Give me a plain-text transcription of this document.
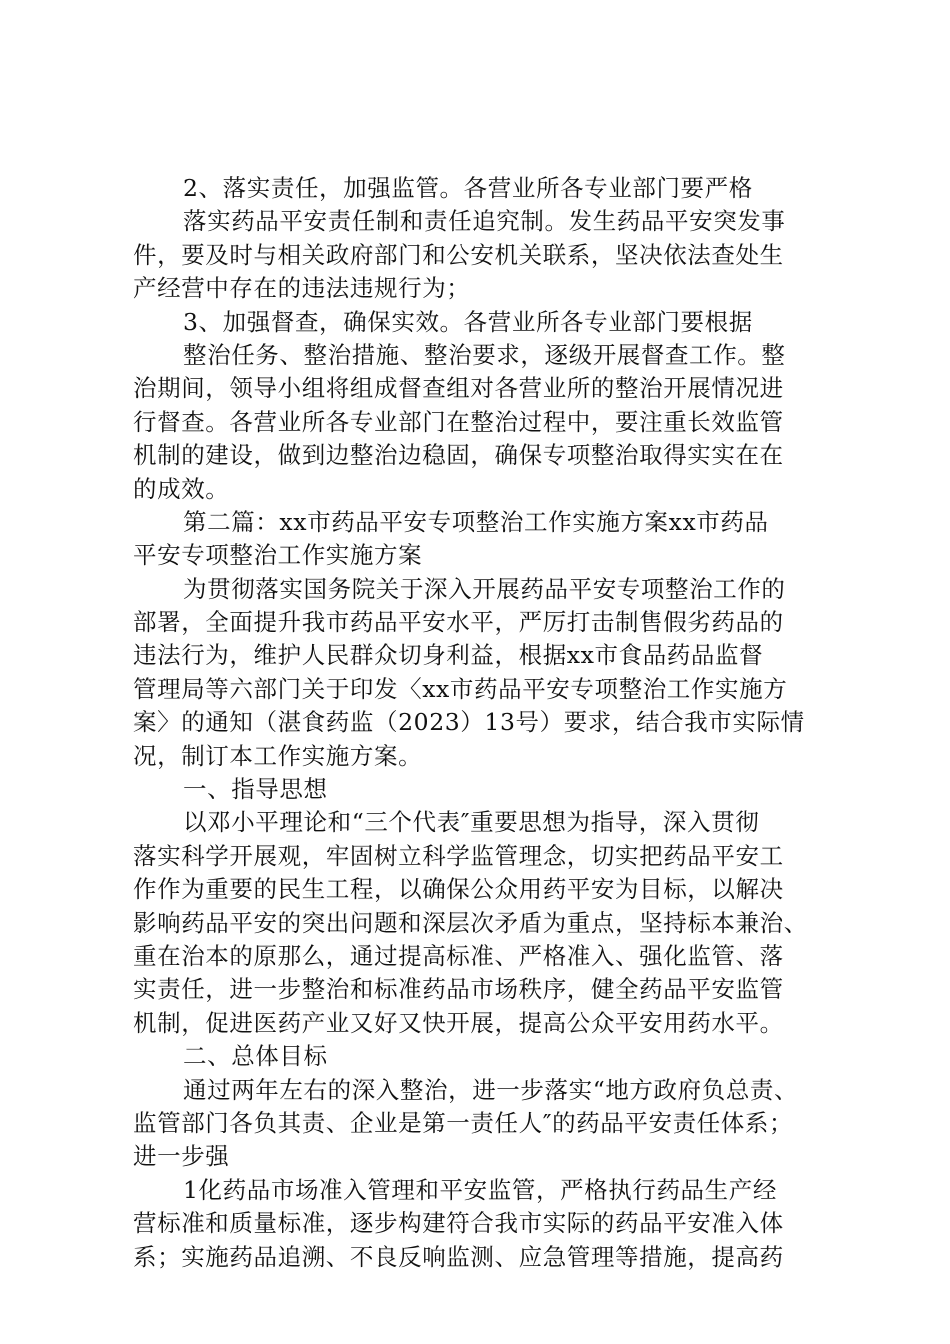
2、落实责任，加强监管。各营业所各专业部门要严格
落实药品平安责任制和责任追究制。发生药品平安突发事
件，要及时与相关政府部门和公安机关联系，坚决依法查处生
产经营中存在的违法违规行为；
3、加强督查，确保实效。各营业所各专业部门要根据
整治任务、整治措施、整治要求，逐级开展督查工作。整
治期间，领导小组将组成督查组对各营业所的整治开展情况进
行督查。各营业所各专业部门在整治过程中，要注重长效监管
机制的建设，做到边整治边稳固，确保专项整治取得实实在在
的成效。
第二篇：xx市药品平安专项整治工作实施方案xx市药品
平安专项整治工作实施方案
为贯彻落实国务院关于深入开展药品平安专项整治工作的
部署，全面提升我市药品平安水平，严厉打击制售假劣药品的
违法行为，维护人民群众切身利益，根据xx市食品药品监督
管理局等六部门关于印发〈xx市药品平安专项整治工作实施方
案〉的通知（湛食药监（2023）13号）要求，结合我市实际情
况，制订本工作实施方案。
一、指导思想
以邓小平理论和“三个代表″重要思想为指导，深入贯彻
落实科学开展观，牢固树立科学监管理念，切实把药品平安工
作作为重要的民生工程，以确保公众用药平安为目标，以解决
影响药品平安的突出问题和深层次矛盾为重点，坚持标本兼治、
重在治本的原那么，通过提高标准、严格准入、强化监管、落
实责任，进一步整治和标准药品市场秩序，健全药品平安监管
机制，促进医药产业又好又快开展，提高公众平安用药水平。
二、总体目标
通过两年左右的深入整治，进一步落实“地方政府负总责、
监管部门各负其责、企业是第一责任人″的药品平安责任体系；
进一步强
1化药品市场准入管理和平安监管，严格执行药品生产经
营标准和质量标准，逐步构建符合我市实际的药品平安准入体
系；实施药品追溯、不良反响监测、应急管理等措施，提高药
